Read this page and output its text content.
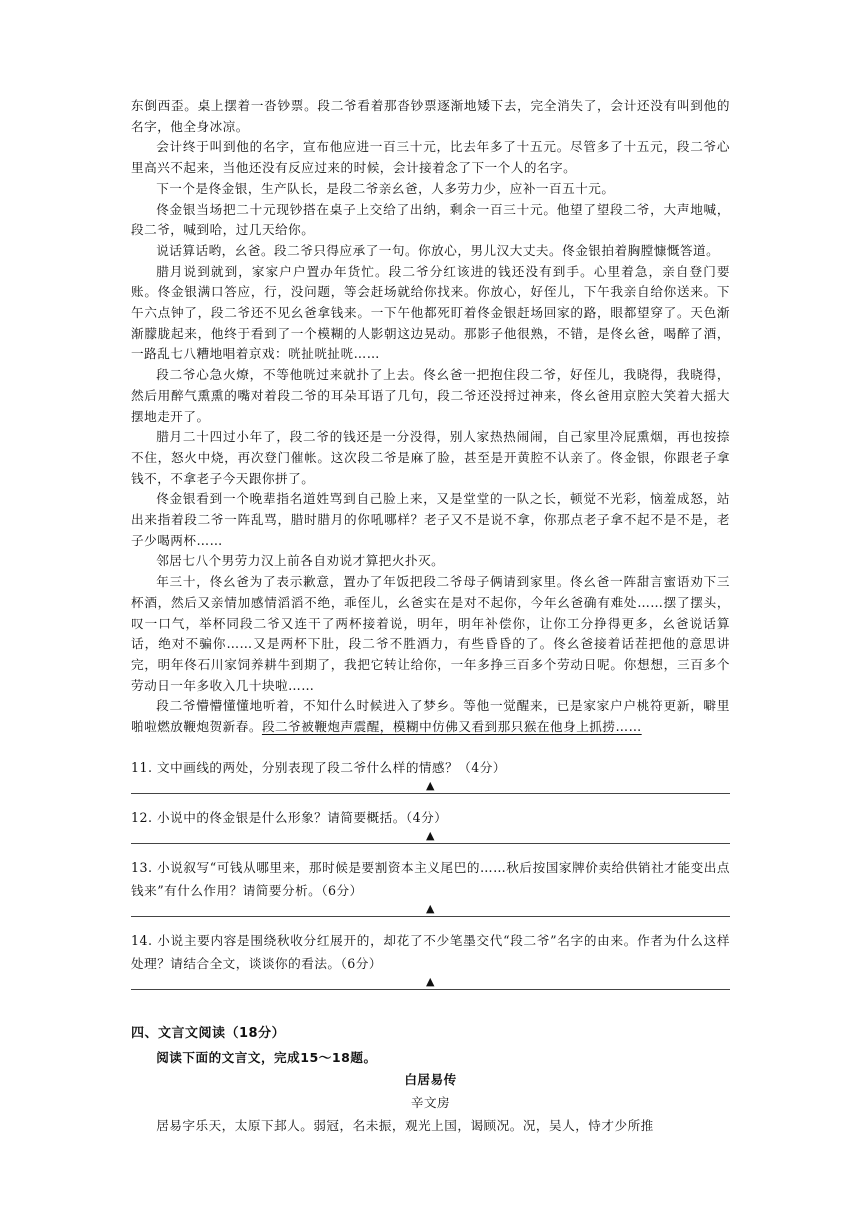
东倒西歪。桌上摆着一沓钞票。段二爷看着那沓钞票逐渐地矮下去，完全消失了，会计还没有叫到他的名字，他全身冰凉。

会计终于叫到他的名字，宣布他应进一百三十元，比去年多了十五元。尽管多了十五元，段二爷心里高兴不起来，当他还没有反应过来的时候，会计接着念了下一个人的名字。

下一个是佟金银，生产队长，是段二爷亲幺爸，人多劳力少，应补一百五十元。

佟金银当场把二十元现钞搭在桌子上交给了出纳，剩余一百三十元。他望了望段二爷，大声地喊，段二爷，喊到哈，过几天给你。

说话算话哟，幺爸。段二爷只得应承了一句。你放心，男儿汉大丈夫。佟金银拍着胸膛慷慨答道。

腊月说到就到，家家户户置办年货忙。段二爷分红该进的钱还没有到手。心里着急，亲自登门要账。佟金银满口答应，行，没问题，等会赶场就给你找来。你放心，好侄儿，下午我亲自给你送来。下午六点钟了，段二爷还不见幺爸拿钱来。一下午他都死盯着佟金银赶场回家的路，眼都望穿了。天色渐渐朦胧起来，他终于看到了一个模糊的人影朝这边晃动。那影子他很熟，不错，是佟幺爸，喝醉了酒，一路乱七八糟地唱着京戏：咣扯咣扯咣……

段二爷心急火燎，不等他咣过来就扑了上去。佟幺爸一把抱住段二爷，好侄儿，我晓得，我晓得，然后用醉气熏熏的嘴对着段二爷的耳朵耳语了几句，段二爷还没捋过神来，佟幺爸用京腔大笑着大摇大摆地走开了。

腊月二十四过小年了，段二爷的钱还是一分没得，别人家热热闹闹，自己家里冷屁熏烟，再也按捺不住，怒火中烧，再次登门催帐。这次段二爷是麻了脸，甚至是开黄腔不认亲了。佟金银，你跟老子拿钱不，不拿老子今天跟你拼了。

佟金银看到一个晚辈指名道姓骂到自己脸上来，又是堂堂的一队之长，顿觉不光彩，恼羞成怒，站出来指着段二爷一阵乱骂，腊时腊月的你吼哪样？老子又不是说不拿，你那点老子拿不起不是不是，老子少喝两杯……

邻居七八个男劳力汉上前各自劝说才算把火扑灭。

年三十，佟幺爸为了表示歉意，置办了年饭把段二爷母子俩请到家里。佟幺爸一阵甜言蜜语劝下三杯酒，然后又亲情加感情滔滔不绝，乖侄儿，幺爸实在是对不起你，今年幺爸确有难处……摆了摆头，叹一口气，举杯同段二爷又连干了两杯接着说，明年，明年补偿你，让你工分挣得更多，幺爸说话算话，绝对不骗你……又是两杯下肚，段二爷不胜酒力，有些昏昏的了。佟幺爸接着话茬把他的意思讲完，明年佟石川家饲养耕牛到期了，我把它转让给你，一年多挣三百多个劳动日呢。你想想，三百多个劳动日一年多收入几十块啦……

段二爷懵懵懂懂地听着，不知什么时候进入了梦乡。等他一觉醒来，已是家家户户桃符更新，噼里啪啦燃放鞭炮贺新春。段二爷被鞭炮声震醒，模糊中仿佛又看到那只猴在他身上抓捞……

11. 文中画线的两处，分别表现了段二爷什么样的情感？（4分）

▲

12. 小说中的佟金银是什么形象？请简要概括。（4分）

▲

13. 小说叙写“可钱从哪里来，那时候是要割资本主义尾巴的……秋后按国家牌价卖给供销社才能变出点钱来”有什么作用？请简要分析。（6分）

▲

14. 小说主要内容是围绕秋收分红展开的，却花了不少笔墨交代“段二爷”名字的由来。作者为什么这样处理？请结合全文，谈谈你的看法。（6分）

▲
四、文言文阅读（18分）

阅读下面的文言文，完成15～18题。

白居易传
辛文房

居易字乐天，太原下邽人。弱冠，名未振，观光上国，谒顾况。况，吴人，恃才少所推
